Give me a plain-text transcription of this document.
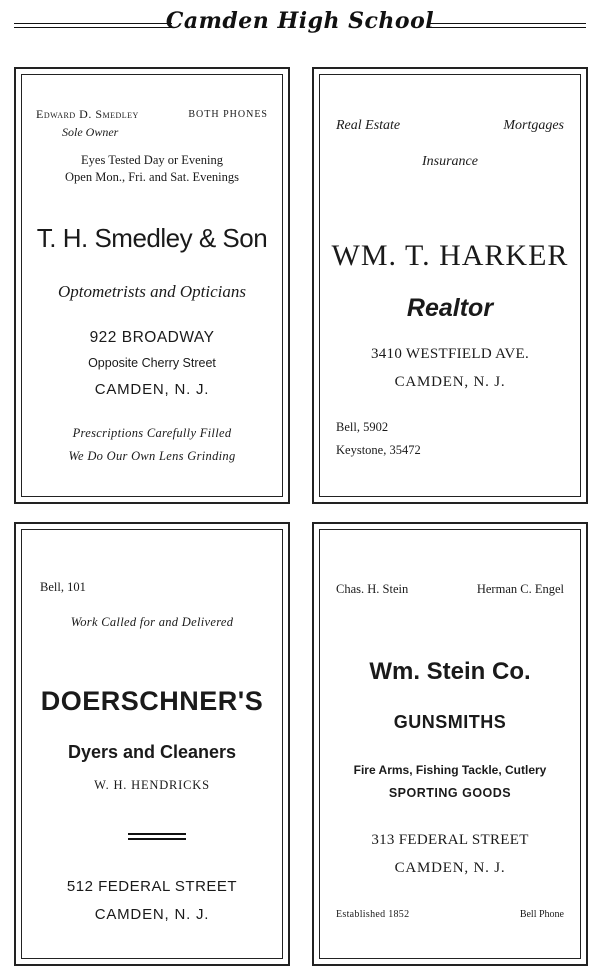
Camden High School
Edward D. Smedley	BOTH PHONES
Sole Owner
Eyes Tested Day or Evening
Open Mon., Fri. and Sat. Evenings
T. H. Smedley & Son
Optometrists and Opticians
922 BROADWAY
Opposite Cherry Street
CAMDEN, N. J.
Prescriptions Carefully Filled
We Do Our Own Lens Grinding
Real Estate	Mortgages
Insurance
WM. T. HARKER
Realtor
3410 WESTFIELD AVE.
CAMDEN, N. J.
Bell, 5902
Keystone, 35472
Bell, 101
Work Called for and Delivered
DOERSCHNER'S
Dyers and Cleaners
W. H. HENDRICKS
512 FEDERAL STREET
CAMDEN, N. J.
Chas. H. Stein	Herman C. Engel
Wm. Stein Co.
GUNSMITHS
Fire Arms, Fishing Tackle, Cutlery
SPORTING GOODS
313 FEDERAL STREET
CAMDEN, N. J.
Established 1852	Bell Phone
